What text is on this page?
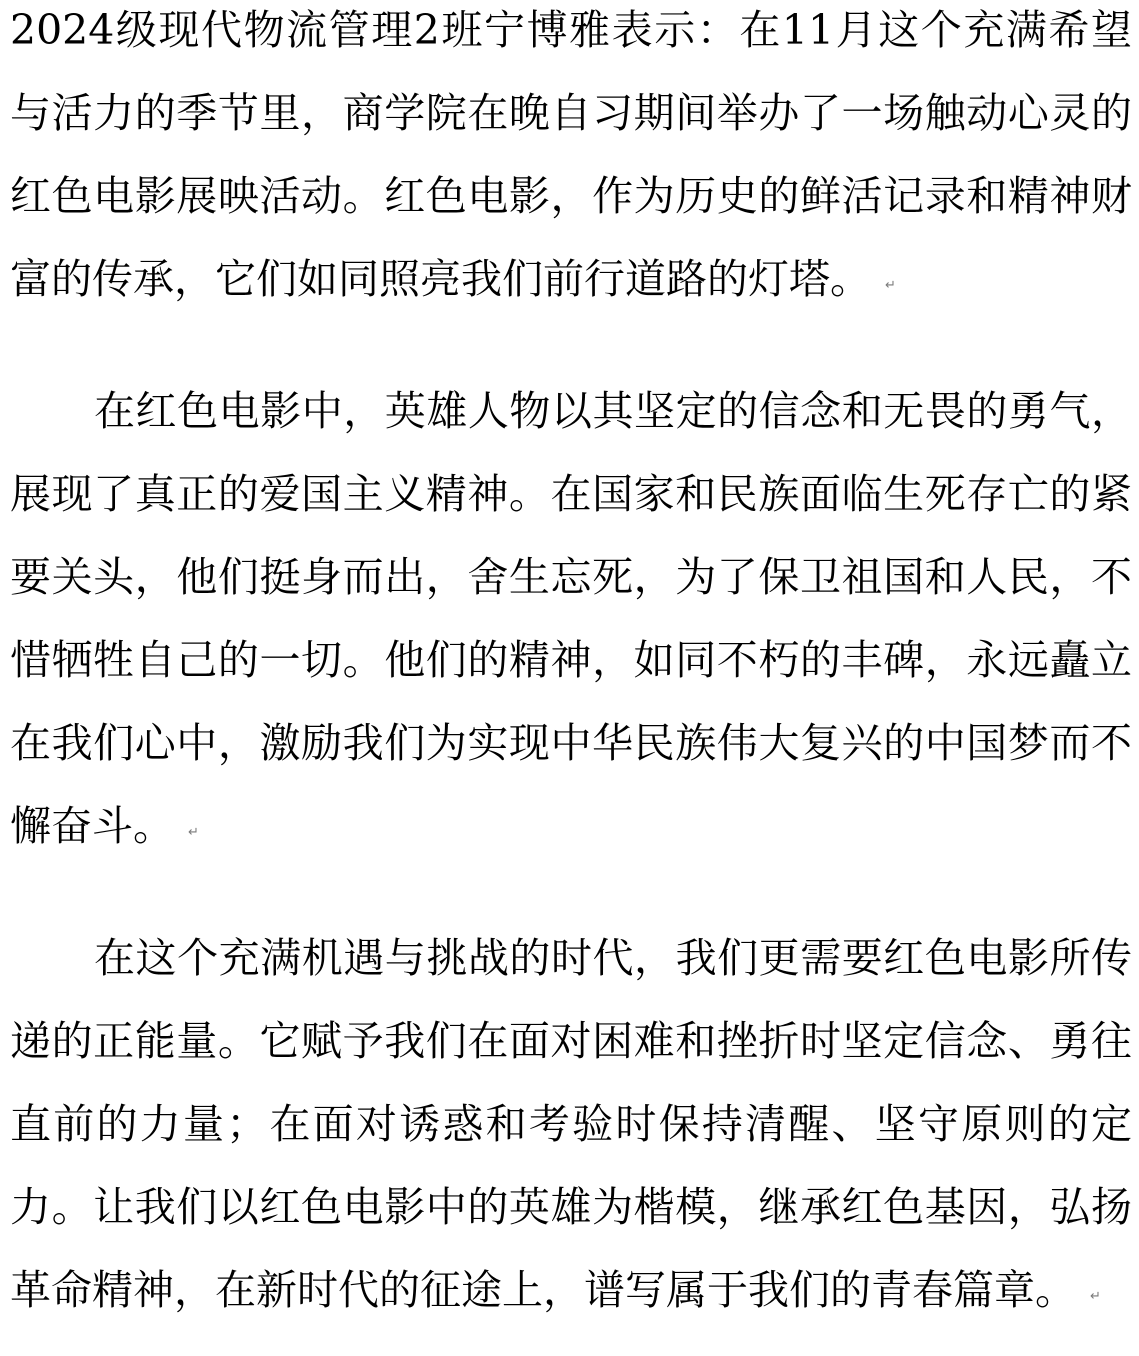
2024级现代物流管理2班宁博雅表示：在11月这个充满希望与活力的季节里，商学院在晚自习期间举办了一场触动心灵的红色电影展映活动。红色电影，作为历史的鲜活记录和精神财富的传承，它们如同照亮我们前行道路的灯塔。 ↵

在红色电影中，英雄人物以其坚定的信念和无畏的勇气，展现了真正的爱国主义精神。在国家和民族面临生死存亡的紧要关头，他们挺身而出，舍生忘死，为了保卫祖国和人民，不惜牺牲自己的一切。他们的精神，如同不朽的丰碑，永远矗立在我们心中，激励我们为实现中华民族伟大复兴的中国梦而不懈奋斗。 ↵

在这个充满机遇与挑战的时代，我们更需要红色电影所传递的正能量。它赋予我们在面对困难和挫折时坚定信念、勇往直前的力量；在面对诱惑和考验时保持清醒、坚守原则的定力。让我们以红色电影中的英雄为楷模，继承红色基因，弘扬革命精神，在新时代的征途上，谱写属于我们的青春篇章。 ↵
